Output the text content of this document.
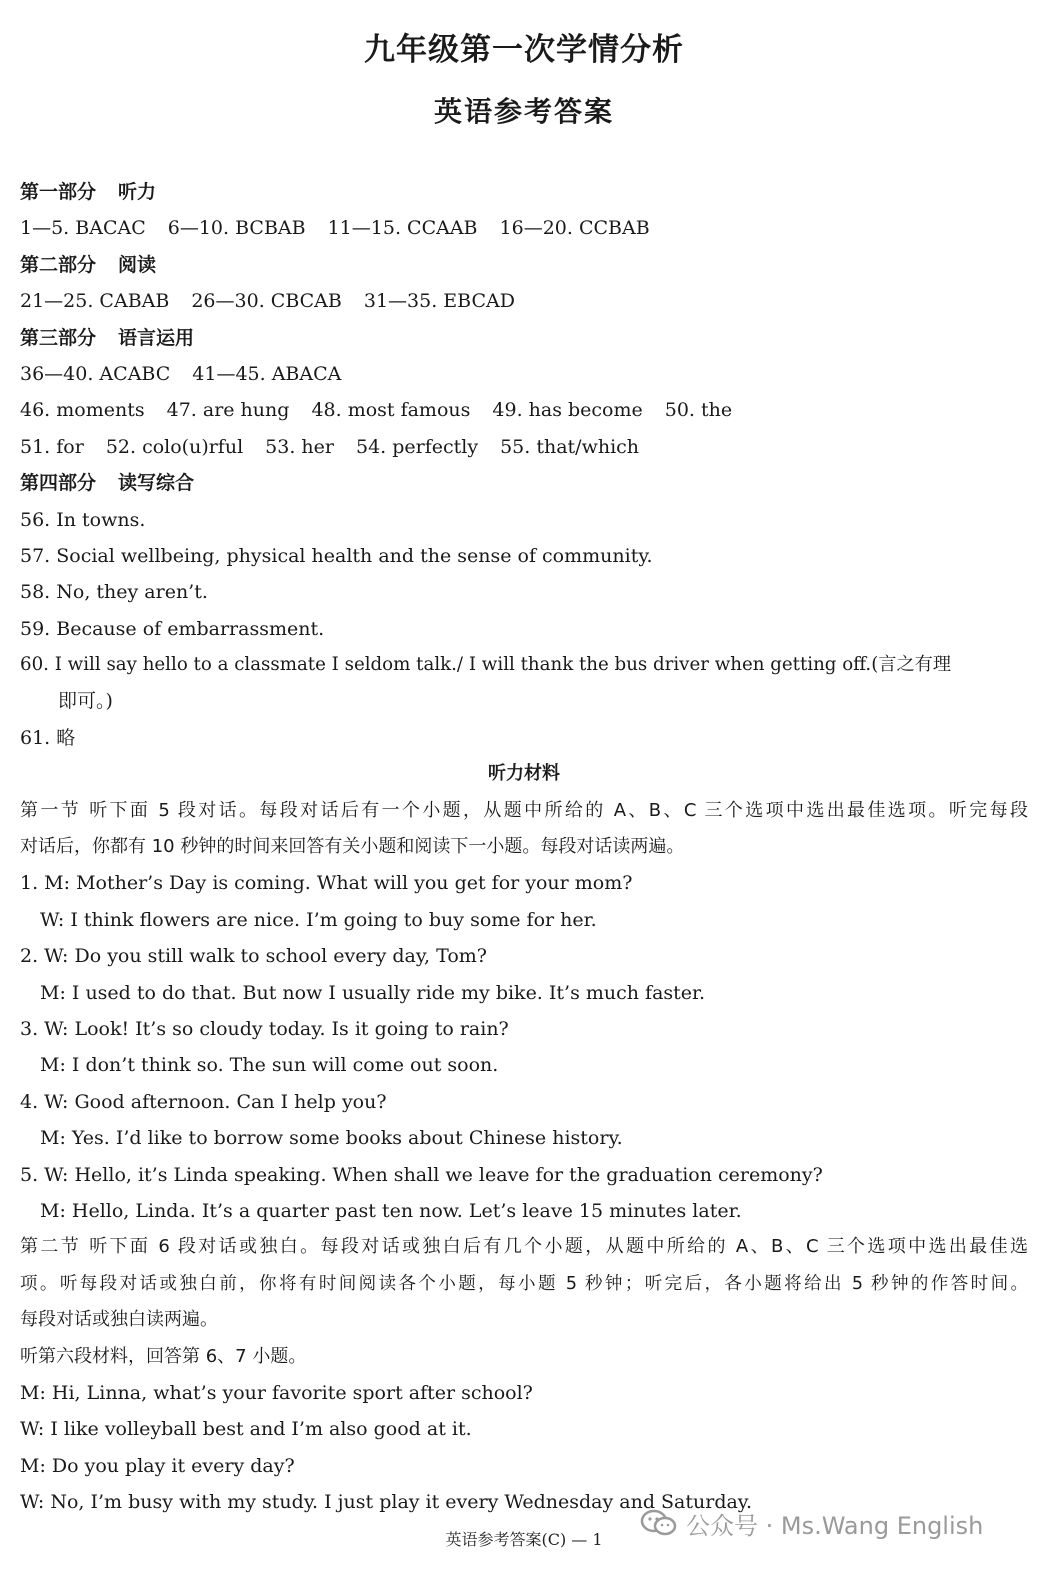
九年级第一次学情分析
英语参考答案
第一部分 听力
1—5. BACAC 6—10. BCBAB 11—15. CCAAB 16—20. CCBAB
第二部分 阅读
21—25. CABAB 26—30. CBCAB 31—35. EBCAD
第三部分 语言运用
36—40. ACABC 41—45. ABACA
46. moments 47. are hung 48. most famous 49. has become 50. the
51. for 52. colo(u)rful 53. her 54. perfectly 55. that/which
第四部分 读写综合
56. In towns.
57. Social wellbeing, physical health and the sense of community.
58. No, they aren’t.
59. Because of embarrassment.
60. I will say hello to a classmate I seldom talk./ I will thank the bus driver when getting off.(言之有理
即可。)
61. 略
听力材料
第一节 听下面 5 段对话。每段对话后有一个小题，从题中所给的 A、B、C 三个选项中选出最佳选项。听完每段
对话后，你都有 10 秒钟的时间来回答有关小题和阅读下一小题。每段对话读两遍。
1. M: Mother’s Day is coming. What will you get for your mom?
W: I think flowers are nice. I’m going to buy some for her.
2. W: Do you still walk to school every day, Tom?
M: I used to do that. But now I usually ride my bike. It’s much faster.
3. W: Look! It’s so cloudy today. Is it going to rain?
M: I don’t think so. The sun will come out soon.
4. W: Good afternoon. Can I help you?
M: Yes. I’d like to borrow some books about Chinese history.
5. W: Hello, it’s Linda speaking. When shall we leave for the graduation ceremony?
M: Hello, Linda. It’s a quarter past ten now. Let’s leave 15 minutes later.
第二节 听下面 6 段对话或独白。每段对话或独白后有几个小题，从题中所给的 A、B、C 三个选项中选出最佳选
项。听每段对话或独白前，你将有时间阅读各个小题，每小题 5 秒钟；听完后，各小题将给出 5 秒钟的作答时间。
每段对话或独白读两遍。
听第六段材料，回答第 6、7 小题。
M: Hi, Linna, what’s your favorite sport after school?
W: I like volleyball best and I’m also good at it.
M: Do you play it every day?
W: No, I’m busy with my study. I just play it every Wednesday and Saturday.
英语参考答案(C) — 1	公众号 · Ms.Wang English
